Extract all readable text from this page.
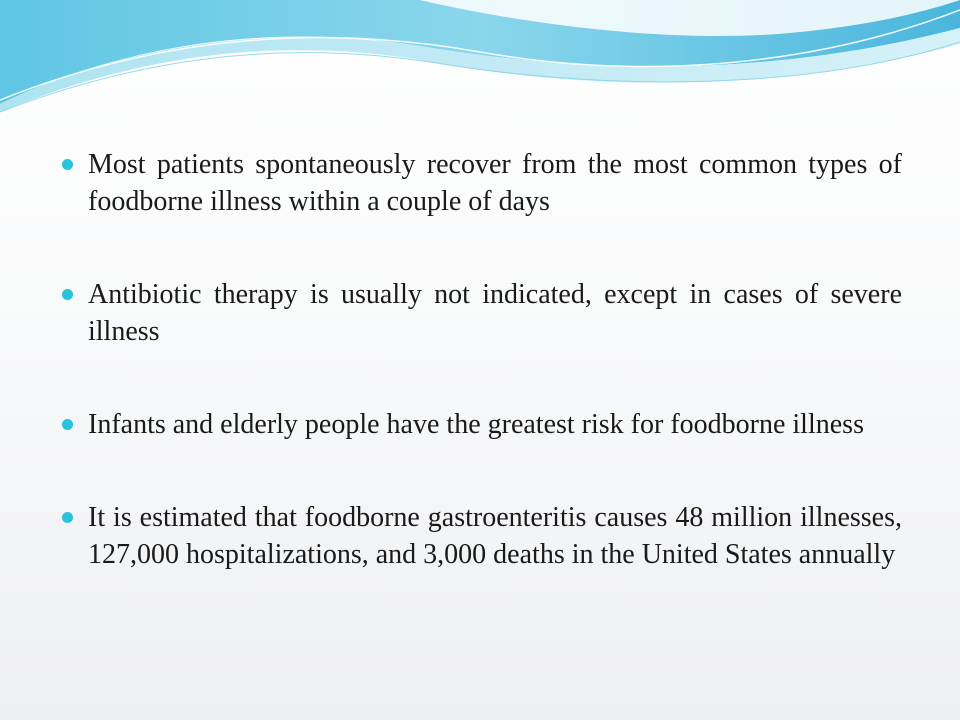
Most patients spontaneously recover from the most common types of foodborne illness within a couple of days
Antibiotic therapy is usually not indicated, except in cases of severe illness
Infants and elderly people have the greatest risk for foodborne illness
It is estimated that foodborne gastroenteritis causes 48 million illnesses, 127,000 hospitalizations, and 3,000 deaths in the United States annually
